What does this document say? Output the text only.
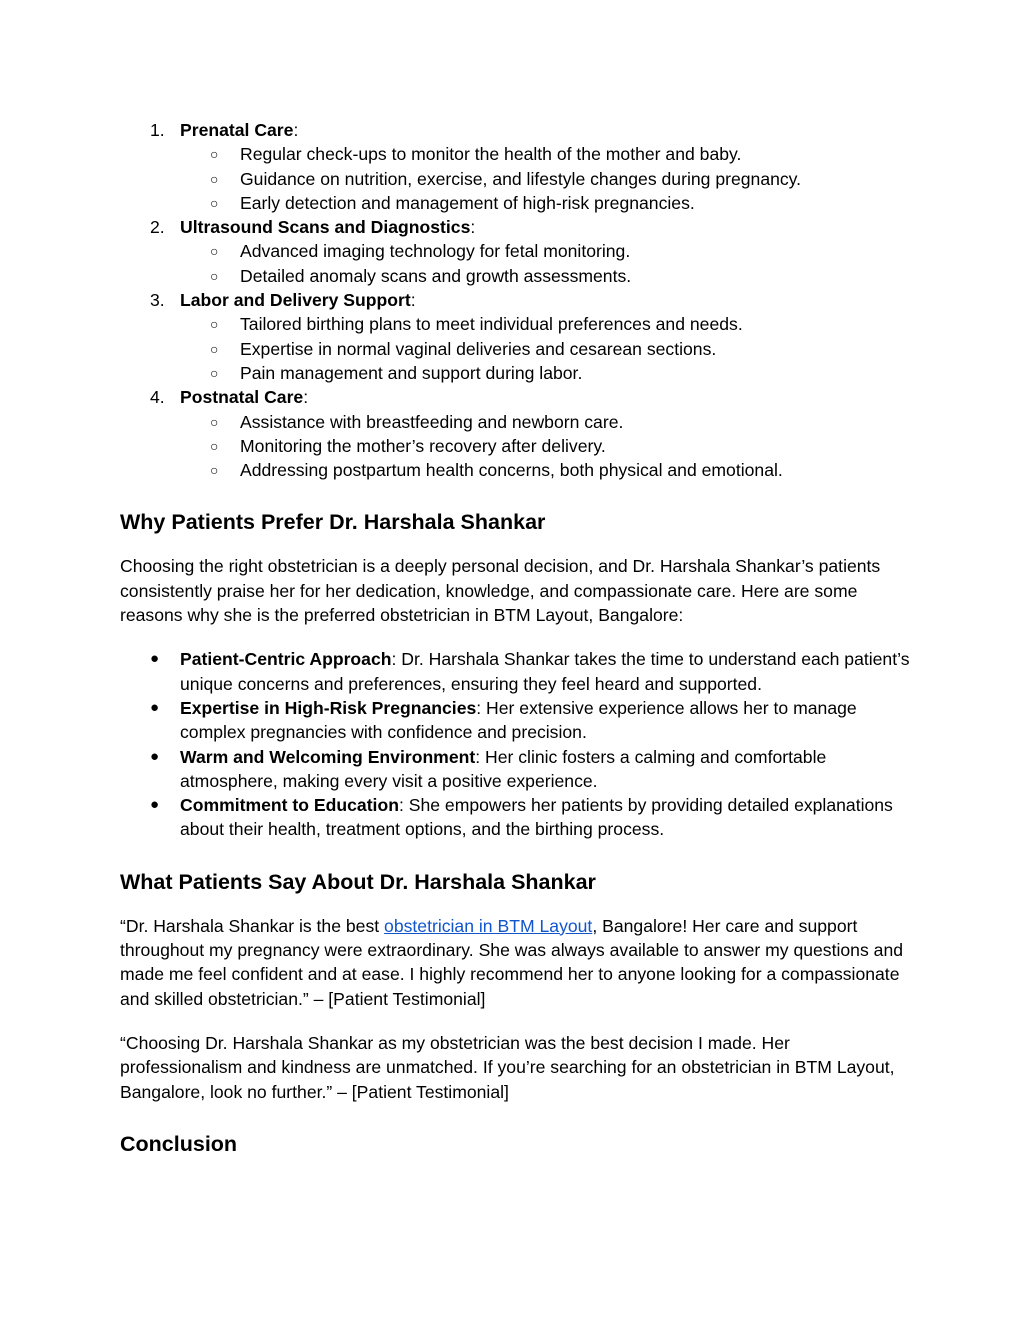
1. Prenatal Care:
○ Regular check-ups to monitor the health of the mother and baby.
○ Guidance on nutrition, exercise, and lifestyle changes during pregnancy.
○ Early detection and management of high-risk pregnancies.
2. Ultrasound Scans and Diagnostics:
○ Advanced imaging technology for fetal monitoring.
○ Detailed anomaly scans and growth assessments.
3. Labor and Delivery Support:
○ Tailored birthing plans to meet individual preferences and needs.
○ Expertise in normal vaginal deliveries and cesarean sections.
○ Pain management and support during labor.
4. Postnatal Care:
○ Assistance with breastfeeding and newborn care.
○ Monitoring the mother’s recovery after delivery.
○ Addressing postpartum health concerns, both physical and emotional.
Why Patients Prefer Dr. Harshala Shankar

Choosing the right obstetrician is a deeply personal decision, and Dr. Harshala Shankar’s patients consistently praise her for her dedication, knowledge, and compassionate care. Here are some reasons why she is the preferred obstetrician in BTM Layout, Bangalore:

● Patient-Centric Approach: Dr. Harshala Shankar takes the time to understand each patient’s unique concerns and preferences, ensuring they feel heard and supported.
● Expertise in High-Risk Pregnancies: Her extensive experience allows her to manage complex pregnancies with confidence and precision.
● Warm and Welcoming Environment: Her clinic fosters a calming and comfortable atmosphere, making every visit a positive experience.
● Commitment to Education: She empowers her patients by providing detailed explanations about their health, treatment options, and the birthing process.
What Patients Say About Dr. Harshala Shankar

“Dr. Harshala Shankar is the best obstetrician in BTM Layout, Bangalore! Her care and support throughout my pregnancy were extraordinary. She was always available to answer my questions and made me feel confident and at ease. I highly recommend her to anyone looking for a compassionate and skilled obstetrician.” – [Patient Testimonial]

“Choosing Dr. Harshala Shankar as my obstetrician was the best decision I made. Her professionalism and kindness are unmatched. If you’re searching for an obstetrician in BTM Layout, Bangalore, look no further.” – [Patient Testimonial]

Conclusion
